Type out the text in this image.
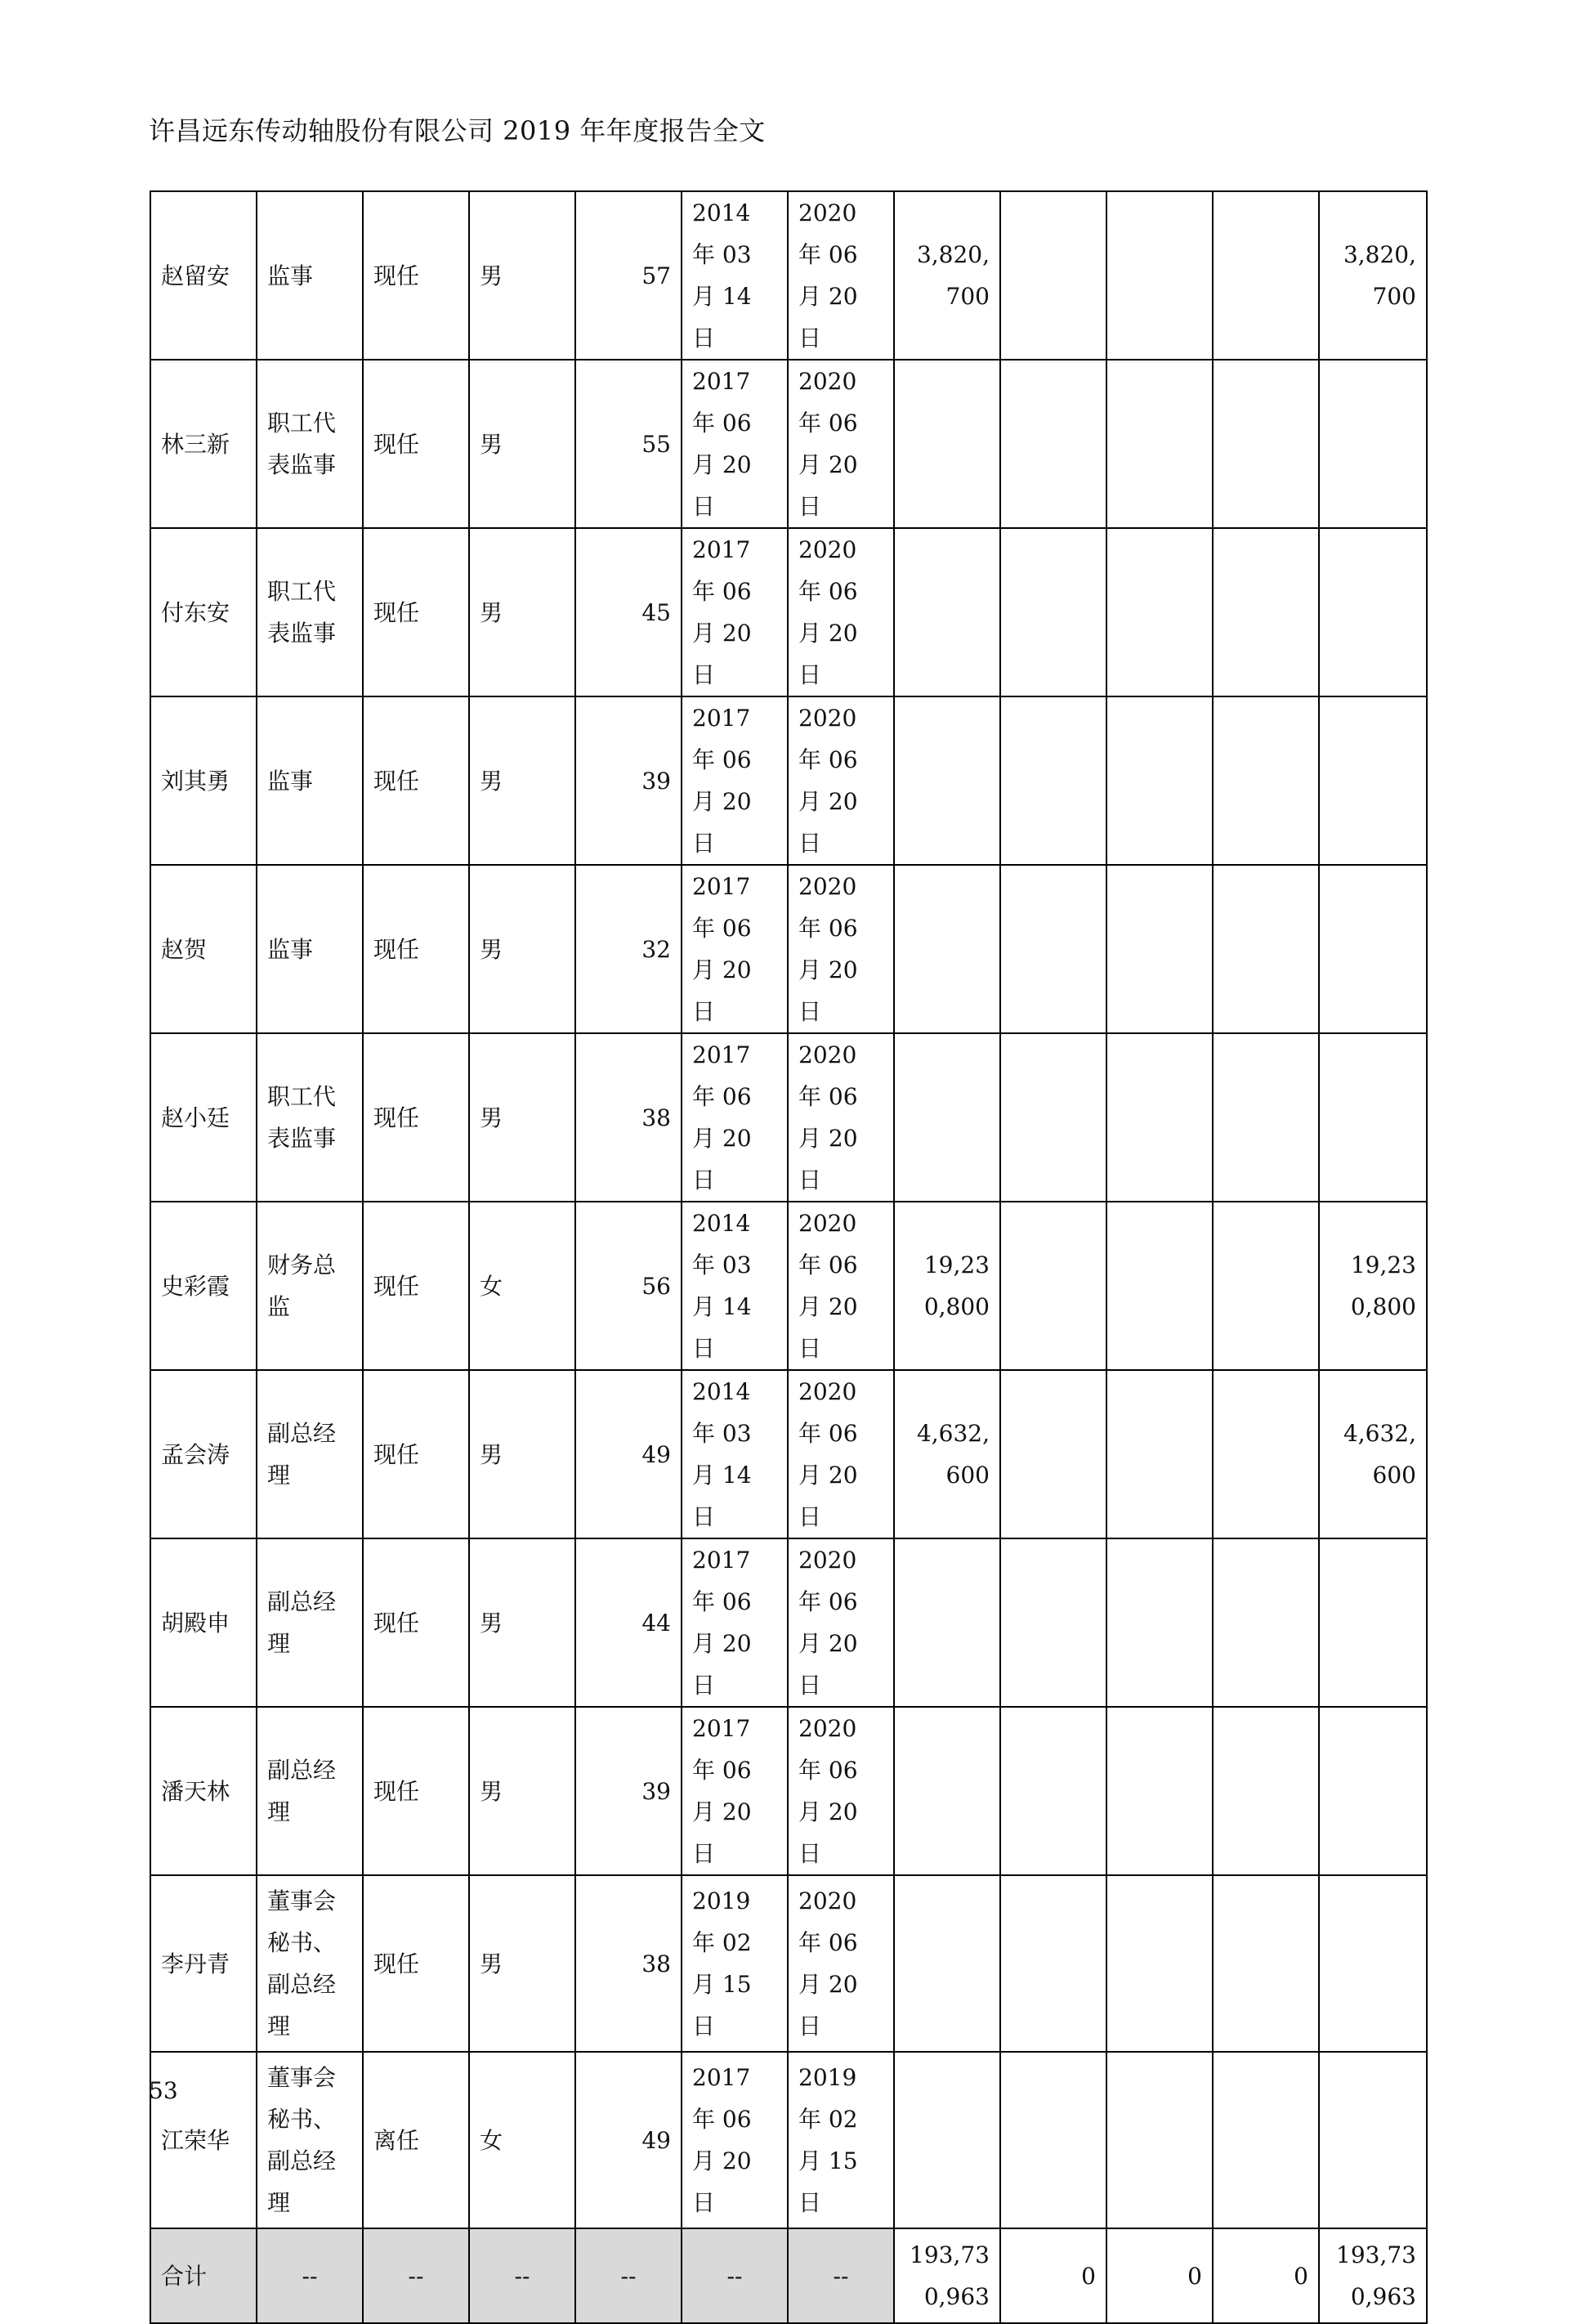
许昌远东传动轴股份有限公司 2019 年年度报告全文
赵留安	监事	现任	男	57	2014 年 03 月 14 日	2020 年 06 月 20 日	3,820,700				3,820,700
林三新	职工代表监事	现任	男	55	2017 年 06 月 20 日	2020 年 06 月 20 日					
付东安	职工代表监事	现任	男	45	2017 年 06 月 20 日	2020 年 06 月 20 日					
刘其勇	监事	现任	男	39	2017 年 06 月 20 日	2020 年 06 月 20 日					
赵贺	监事	现任	男	32	2017 年 06 月 20 日	2020 年 06 月 20 日					
赵小廷	职工代表监事	现任	男	38	2017 年 06 月 20 日	2020 年 06 月 20 日					
史彩霞	财务总监	现任	女	56	2014 年 03 月 14 日	2020 年 06 月 20 日	19,230,800				19,230,800
孟会涛	副总经理	现任	男	49	2014 年 03 月 14 日	2020 年 06 月 20 日	4,632,600				4,632,600
胡殿申	副总经理	现任	男	44	2017 年 06 月 20 日	2020 年 06 月 20 日					
潘天林	副总经理	现任	男	39	2017 年 06 月 20 日	2020 年 06 月 20 日					
李丹青	董事会秘书、副总经理	现任	男	38	2019 年 02 月 15 日	2020 年 06 月 20 日					
江荣华	董事会秘书、副总经理	离任	女	49	2017 年 06 月 20 日	2019 年 02 月 15 日					
合计	--	--	--	--	--	--	193,730,963	0	0	0	193,730,963
53
